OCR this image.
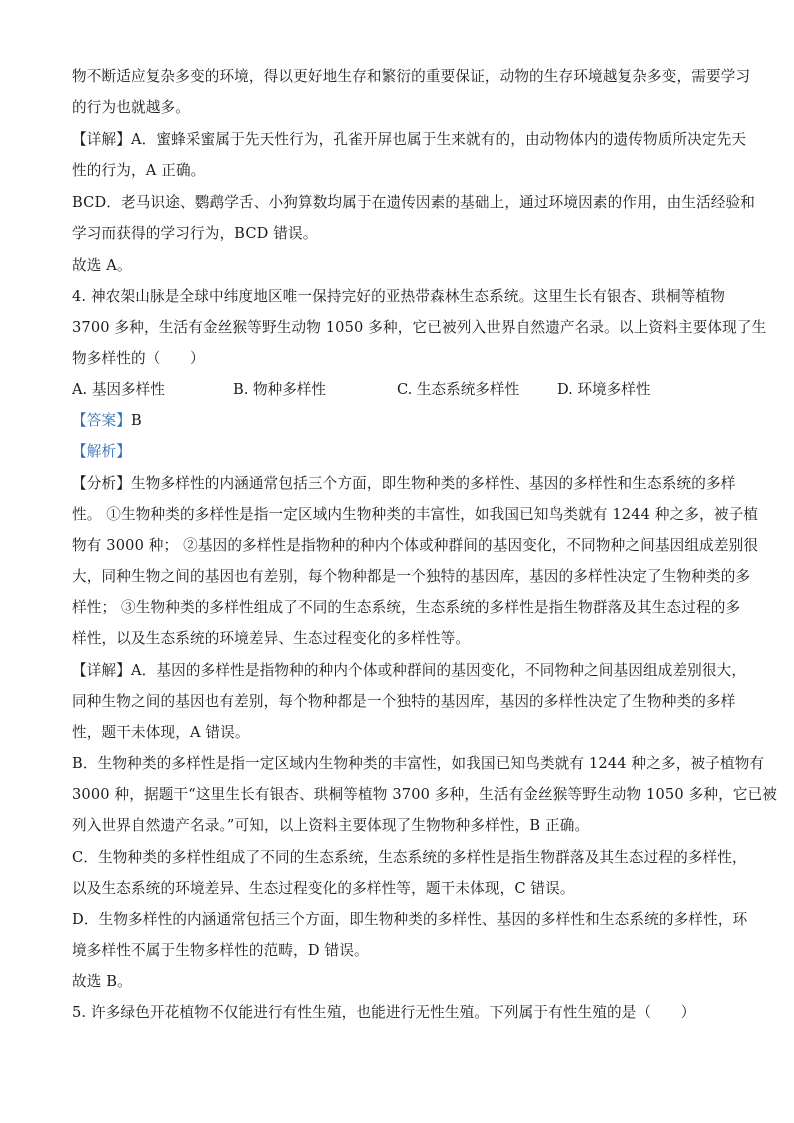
物不断适应复杂多变的环境，得以更好地生存和繁衍的重要保证，动物的生存环境越复杂多变，需要学习
的行为也就越多。
【详解】A．蜜蜂采蜜属于先天性行为，孔雀开屏也属于生来就有的，由动物体内的遗传物质所决定先天
性的行为，A 正确。
BCD．老马识途、鹦鹉学舌、小狗算数均属于在遗传因素的基础上，通过环境因素的作用，由生活经验和
学习而获得的学习行为，BCD 错误。
故选 A。
4. 神农架山脉是全球中纬度地区唯一保持完好的亚热带森林生态系统。这里生长有银杏、珙桐等植物
3700 多种，生活有金丝猴等野生动物 1050 多种，它已被列入世界自然遗产名录。以上资料主要体现了生
物多样性的（　　）
A. 基因多样性	B. 物种多样性	C. 生态系统多样性	D. 环境多样性
【答案】B
【解析】
【分析】生物多样性的内涵通常包括三个方面，即生物种类的多样性、基因的多样性和生态系统的多样
性。 ①生物种类的多样性是指一定区域内生物种类的丰富性，如我国已知鸟类就有 1244 种之多，被子植
物有 3000 种； ②基因的多样性是指物种的种内个体或种群间的基因变化，不同物种之间基因组成差别很
大，同种生物之间的基因也有差别，每个物种都是一个独特的基因库，基因的多样性决定了生物种类的多
样性； ③生物种类的多样性组成了不同的生态系统，生态系统的多样性是指生物群落及其生态过程的多
样性，以及生态系统的环境差异、生态过程变化的多样性等。
【详解】A．基因的多样性是指物种的种内个体或种群间的基因变化，不同物种之间基因组成差别很大，
同种生物之间的基因也有差别，每个物种都是一个独特的基因库，基因的多样性决定了生物种类的多样
性，题干未体现，A 错误。
B．生物种类的多样性是指一定区域内生物种类的丰富性，如我国已知鸟类就有 1244 种之多，被子植物有
3000 种，据题干“这里生长有银杏、珙桐等植物 3700 多种，生活有金丝猴等野生动物 1050 多种，它已被
列入世界自然遗产名录。”可知，以上资料主要体现了生物物种多样性，B 正确。
C．生物种类的多样性组成了不同的生态系统，生态系统的多样性是指生物群落及其生态过程的多样性，
以及生态系统的环境差异、生态过程变化的多样性等，题干未体现，C 错误。
D．生物多样性的内涵通常包括三个方面，即生物种类的多样性、基因的多样性和生态系统的多样性，环
境多样性不属于生物多样性的范畴，D 错误。
故选 B。
5. 许多绿色开花植物不仅能进行有性生殖，也能进行无性生殖。下列属于有性生殖的是（　　）
